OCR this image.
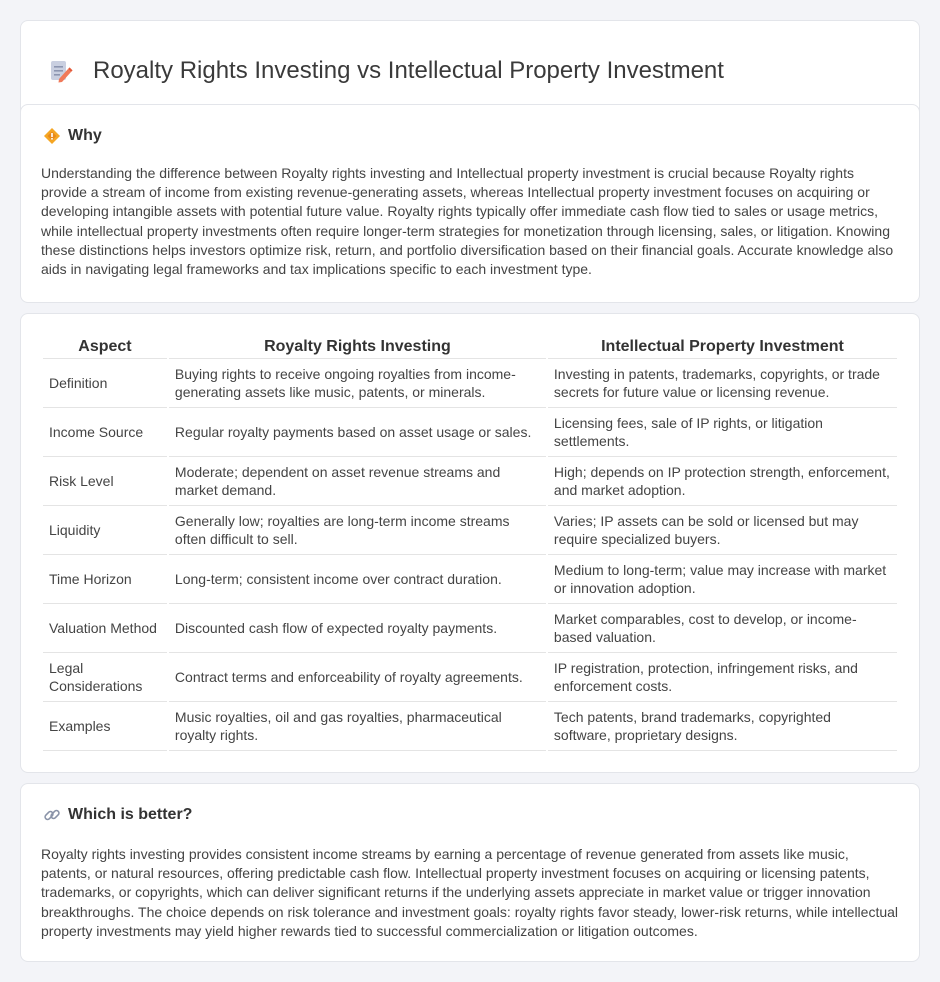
Royalty Rights Investing vs Intellectual Property Investment
Why

Understanding the difference between Royalty rights investing and Intellectual property investment is crucial because Royalty rights provide a stream of income from existing revenue-generating assets, whereas Intellectual property investment focuses on acquiring or developing intangible assets with potential future value. Royalty rights typically offer immediate cash flow tied to sales or usage metrics, while intellectual property investments often require longer-term strategies for monetization through licensing, sales, or litigation. Knowing these distinctions helps investors optimize risk, return, and portfolio diversification based on their financial goals. Accurate knowledge also aids in navigating legal frameworks and tax implications specific to each investment type.

Aspect	Royalty Rights Investing	Intellectual Property Investment
Definition	Buying rights to receive ongoing royalties from income-generating assets like music, patents, or minerals.	Investing in patents, trademarks, copyrights, or trade secrets for future value or licensing revenue.
Income Source	Regular royalty payments based on asset usage or sales.	Licensing fees, sale of IP rights, or litigation settlements.
Risk Level	Moderate; dependent on asset revenue streams and market demand.	High; depends on IP protection strength, enforcement, and market adoption.
Liquidity	Generally low; royalties are long-term income streams often difficult to sell.	Varies; IP assets can be sold or licensed but may require specialized buyers.
Time Horizon	Long-term; consistent income over contract duration.	Medium to long-term; value may increase with market or innovation adoption.
Valuation Method	Discounted cash flow of expected royalty payments.	Market comparables, cost to develop, or income-based valuation.
Legal Considerations	Contract terms and enforceability of royalty agreements.	IP registration, protection, infringement risks, and enforcement costs.
Examples	Music royalties, oil and gas royalties, pharmaceutical royalty rights.	Tech patents, brand trademarks, copyrighted software, proprietary designs.
Which is better?

Royalty rights investing provides consistent income streams by earning a percentage of revenue generated from assets like music, patents, or natural resources, offering predictable cash flow. Intellectual property investment focuses on acquiring or licensing patents, trademarks, or copyrights, which can deliver significant returns if the underlying assets appreciate in market value or trigger innovation breakthroughs. The choice depends on risk tolerance and investment goals: royalty rights favor steady, lower-risk returns, while intellectual property investments may yield higher rewards tied to successful commercialization or litigation outcomes.
